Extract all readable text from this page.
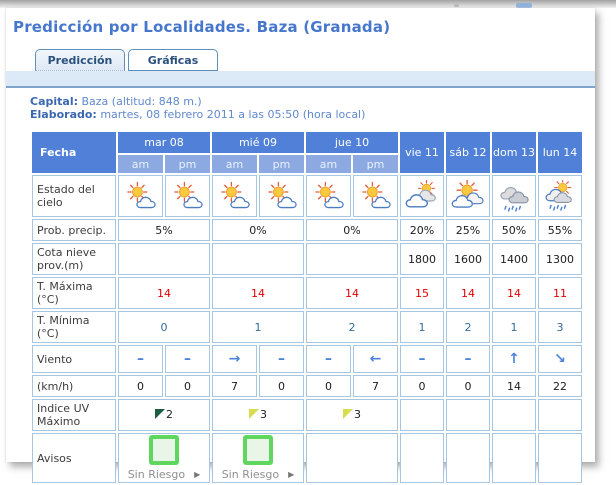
Predicción por Localidades. Baza (Granada)
Predicción	Gráficas
Capital: Baza (altitud: 848 m.)
Elaborado: martes, 08 febrero 2011 a las 05:50 (hora local)
Fecha	mar 08		mié 09		jue 10		vie 11	sáb 12	dom 13	lun 14
	am	pm	am	pm	am	pm				
Estado del cielo										
Prob. precip.	5%		0%		0%		20%	25%	50%	55%
Cota nieve prov.(m)							1800	1600	1400	1300
T. Máxima (°C)	14		14		14		15	14	14	11
T. Mínima (°C)	0		1		2		1	2	1	3
Viento	–	–	→	–	–	←	–	–	↑	↘
(km/h)	0	0	7	0	0	7	0	0	14	22
Indice UV Máximo	2		3		3					

Avisos	Sin Riesgo ▶		Sin Riesgo ▶							
